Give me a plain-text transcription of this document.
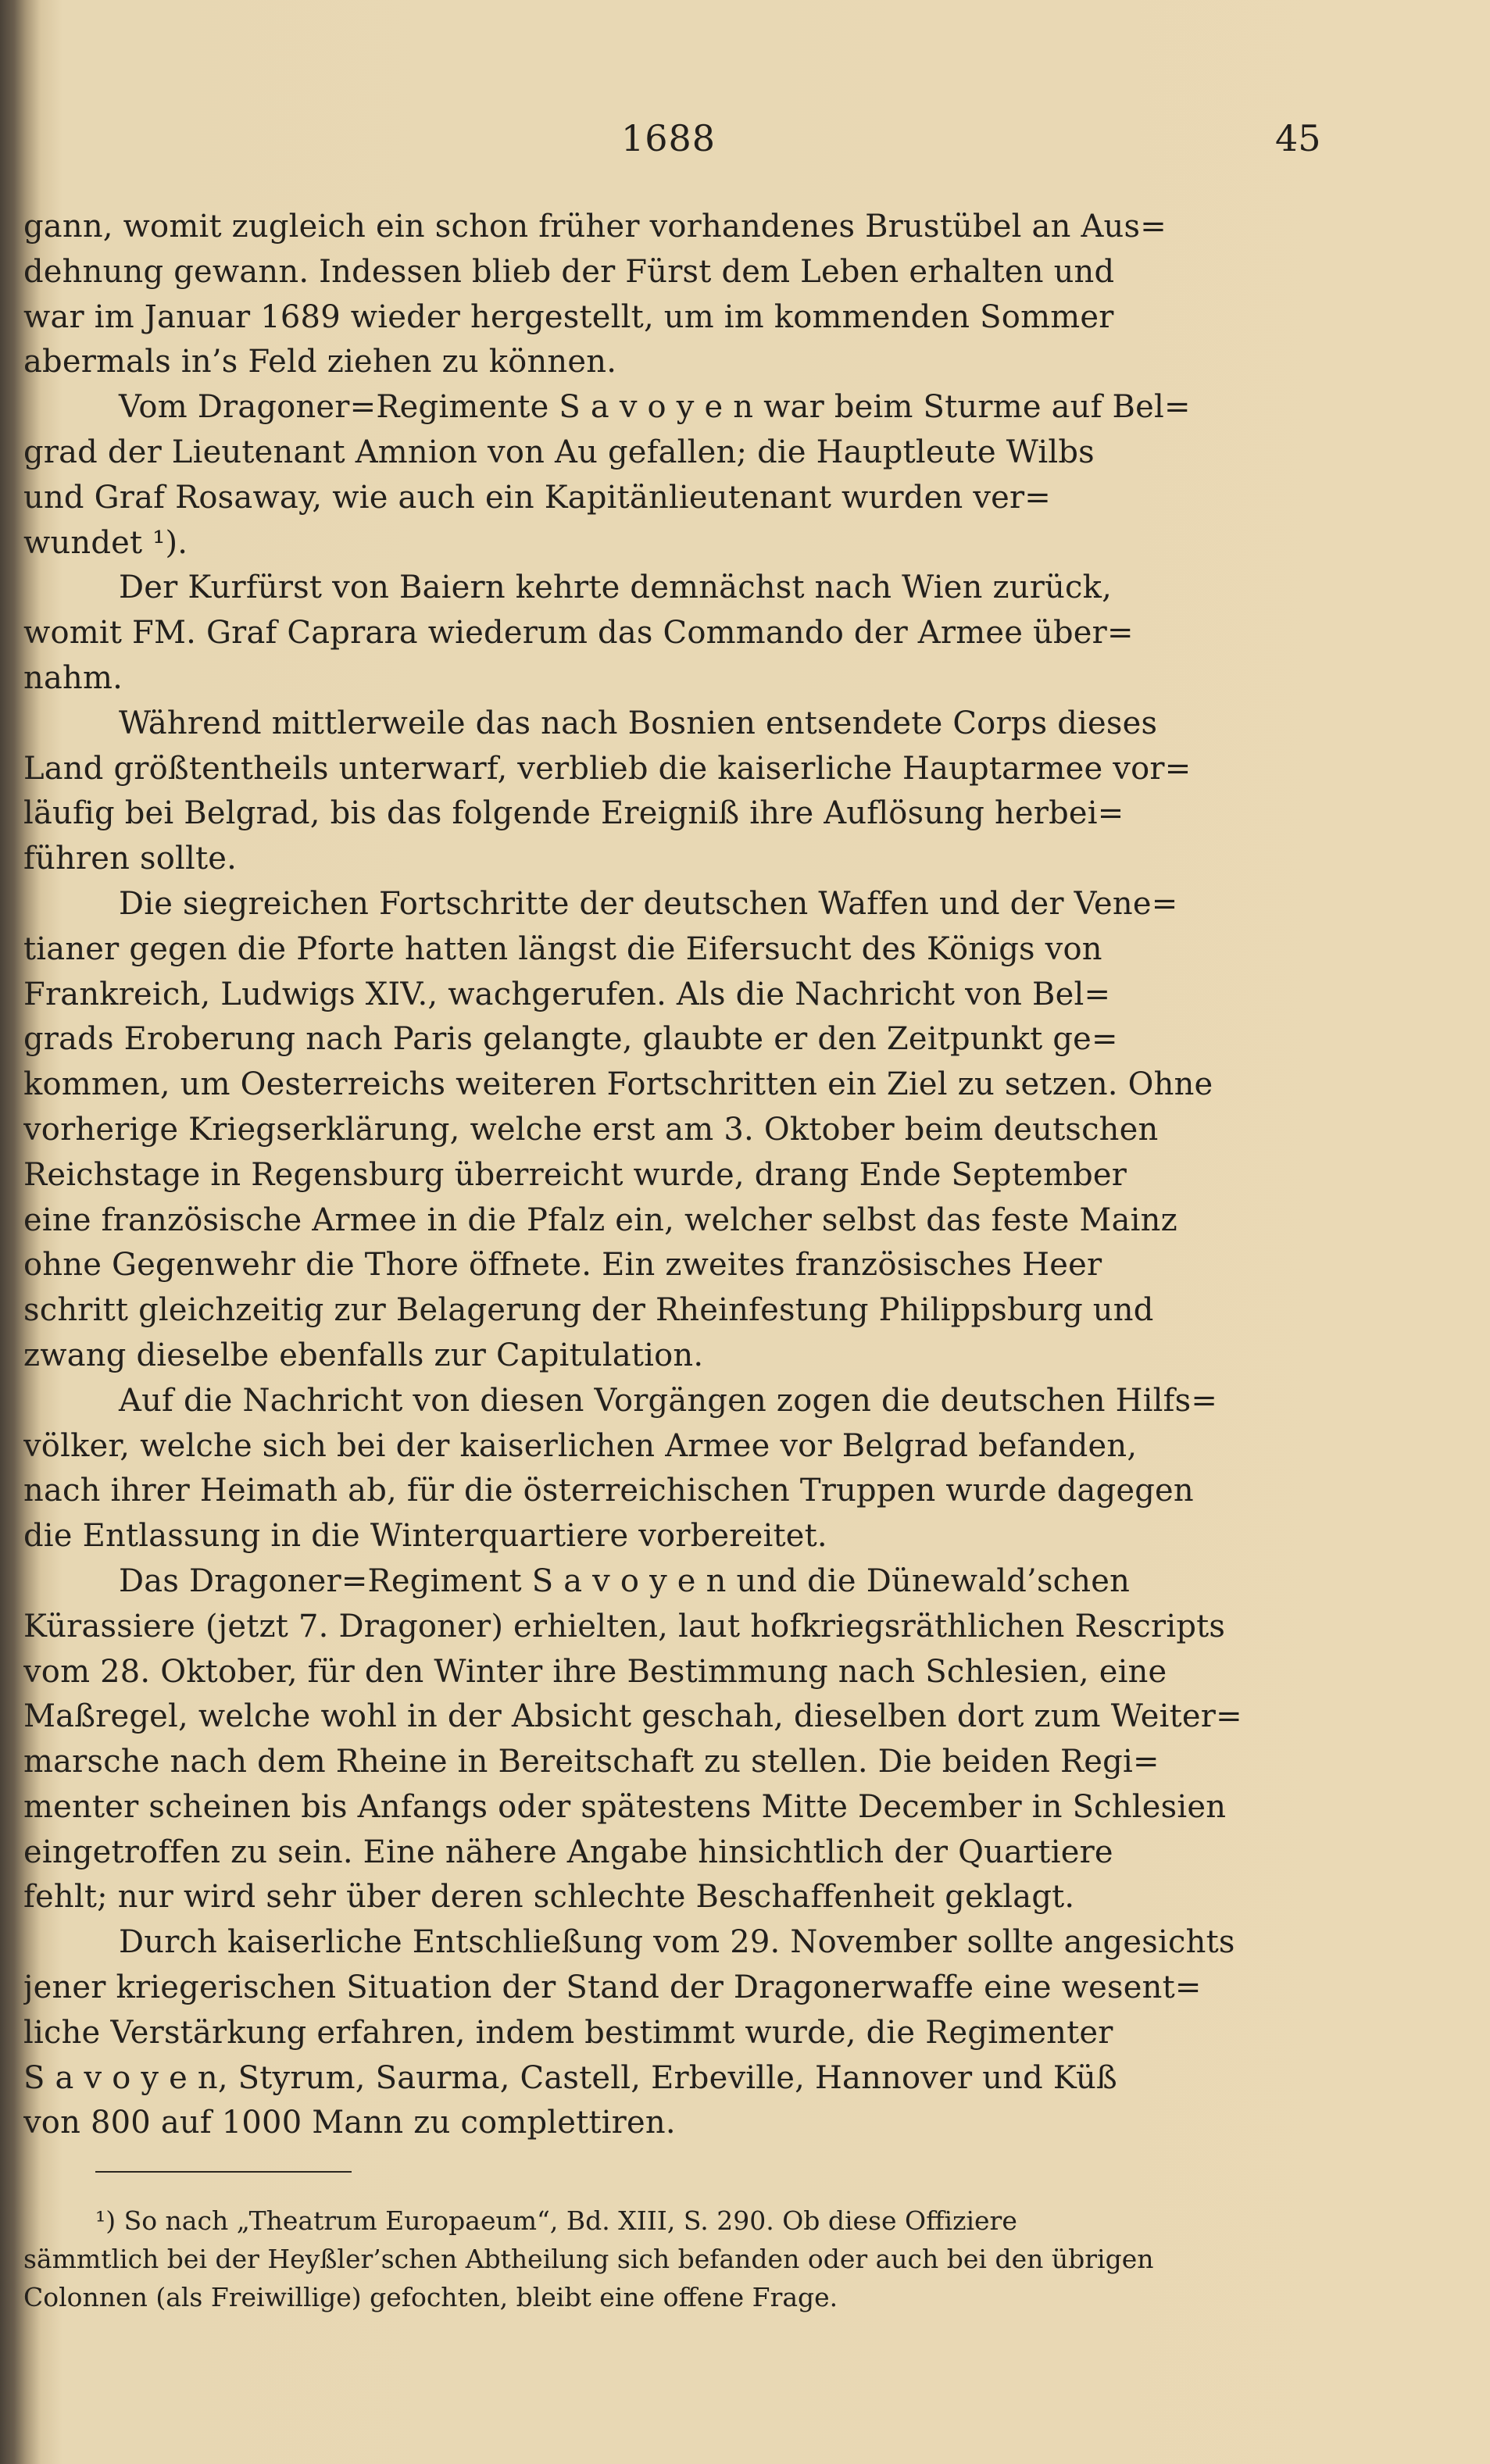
1688	45
gann, womit zugleich ein schon früher vorhandenes Brustübel an Aus=
dehnung gewann. Indessen blieb der Fürst dem Leben erhalten und
war im Januar 1689 wieder hergestellt, um im kommenden Sommer
abermals in’s Feld ziehen zu können.
Vom Dragoner=Regimente S a v o y e n war beim Sturme auf Bel=
grad der Lieutenant Amnion von Au gefallen; die Hauptleute Wilbs
und Graf Rosaway, wie auch ein Kapitänlieutenant wurden ver=
wundet ¹).
Der Kurfürst von Baiern kehrte demnächst nach Wien zurück,
womit FM. Graf Caprara wiederum das Commando der Armee über=
nahm.
Während mittlerweile das nach Bosnien entsendete Corps dieses
Land größtentheils unterwarf, verblieb die kaiserliche Hauptarmee vor=
läufig bei Belgrad, bis das folgende Ereigniß ihre Auflösung herbei=
führen sollte.
Die siegreichen Fortschritte der deutschen Waffen und der Vene=
tianer gegen die Pforte hatten längst die Eifersucht des Königs von
Frankreich, Ludwigs XIV., wachgerufen. Als die Nachricht von Bel=
grads Eroberung nach Paris gelangte, glaubte er den Zeitpunkt ge=
kommen, um Oesterreichs weiteren Fortschritten ein Ziel zu setzen. Ohne
vorherige Kriegserklärung, welche erst am 3. Oktober beim deutschen
Reichstage in Regensburg überreicht wurde, drang Ende September
eine französische Armee in die Pfalz ein, welcher selbst das feste Mainz
ohne Gegenwehr die Thore öffnete. Ein zweites französisches Heer
schritt gleichzeitig zur Belagerung der Rheinfestung Philippsburg und
zwang dieselbe ebenfalls zur Capitulation.
Auf die Nachricht von diesen Vorgängen zogen die deutschen Hilfs=
völker, welche sich bei der kaiserlichen Armee vor Belgrad befanden,
nach ihrer Heimath ab, für die österreichischen Truppen wurde dagegen
die Entlassung in die Winterquartiere vorbereitet.
Das Dragoner=Regiment S a v o y e n und die Dünewald’schen
Kürassiere (jetzt 7. Dragoner) erhielten, laut hofkriegsräthlichen Rescripts
vom 28. Oktober, für den Winter ihre Bestimmung nach Schlesien, eine
Maßregel, welche wohl in der Absicht geschah, dieselben dort zum Weiter=
marsche nach dem Rheine in Bereitschaft zu stellen. Die beiden Regi=
menter scheinen bis Anfangs oder spätestens Mitte December in Schlesien
eingetroffen zu sein. Eine nähere Angabe hinsichtlich der Quartiere
fehlt; nur wird sehr über deren schlechte Beschaffenheit geklagt.
Durch kaiserliche Entschließung vom 29. November sollte angesichts
jener kriegerischen Situation der Stand der Dragonerwaffe eine wesent=
liche Verstärkung erfahren, indem bestimmt wurde, die Regimenter
S a v o y e n, Styrum, Saurma, Castell, Erbeville, Hannover und Küß
von 800 auf 1000 Mann zu complettiren.
¹) So nach „Theatrum Europaeum“, Bd. XIII, S. 290. Ob diese Offiziere
sämmtlich bei der Heyßler’schen Abtheilung sich befanden oder auch bei den übrigen
Colonnen (als Freiwillige) gefochten, bleibt eine offene Frage.
